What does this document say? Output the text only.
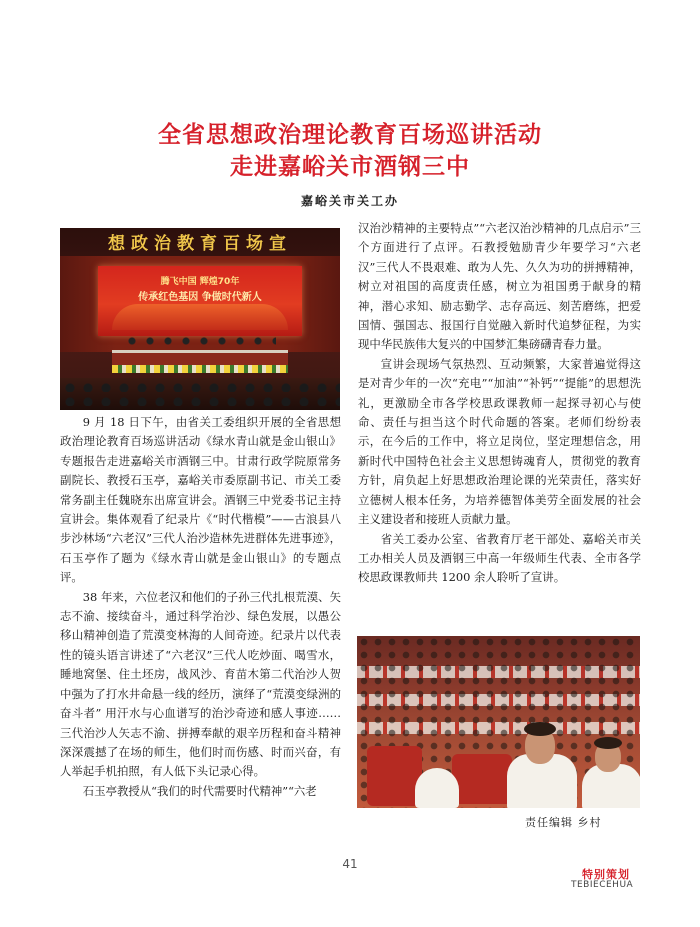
全省思想政治理论教育百场巡讲活动
走进嘉峪关市酒钢三中
嘉峪关市关工办
想政治教育百场宣
腾飞中国 辉煌70年
传承红色基因 争做时代新人

9 月 18 日下午，由省关工委组织开展的全省思想政治理论教育百场巡讲活动《绿水青山就是金山银山》专题报告走进嘉峪关市酒钢三中。甘肃行政学院原常务副院长、教授石玉亭，嘉峪关市委原副书记、市关工委常务副主任魏晓东出席宣讲会。酒钢三中党委书记主持宣讲会。集体观看了纪录片《“时代楷模”——古浪县八步沙林场“六老汉”三代人治沙造林先进群体先进事迹》，石玉亭作了题为《绿水青山就是金山银山》的专题点评。

38 年来，六位老汉和他们的子孙三代扎根荒漠、矢志不渝、接续奋斗，通过科学治沙、绿色发展，以愚公移山精神创造了荒漠变林海的人间奇迹。纪录片以代表性的镜头语言讲述了“六老汉”三代人吃炒面、喝雪水，睡地窝堡、住土坯房，战风沙、育苗木第二代治沙人贺中强为了打水井命悬一线的经历，演绎了“荒漠变绿洲的奋斗者” 用汗水与心血谱写的治沙奇迹和感人事迹……三代治沙人矢志不渝、拼搏奉献的艰辛历程和奋斗精神深深震撼了在场的师生，他们时而伤感、时而兴奋，有人举起手机拍照，有人低下头记录心得。

石玉亭教授从“我们的时代需要时代精神”“六老

汉治沙精神的主要特点”“六老汉治沙精神的几点启示”三个方面进行了点评。石教授勉励青少年要学习“六老汉”三代人不畏艰难、敢为人先、久久为功的拼搏精神，树立对祖国的高度责任感，树立为祖国勇于献身的精神，潜心求知、励志勤学、志存高远、刻苦磨练，把爱国情、强国志、报国行自觉融入新时代追梦征程，为实现中华民族伟大复兴的中国梦汇集磅礴青春力量。

宣讲会现场气氛热烈、互动频繁，大家普遍觉得这是对青少年的一次“充电”“加油”“补钙”“提能”的思想洗礼，更激励全市各学校思政课教师一起探寻初心与使命、责任与担当这个时代命题的答案。老师们纷纷表示，在今后的工作中，将立足岗位，坚定理想信念，用新时代中国特色社会主义思想铸魂育人，贯彻党的教育方针，肩负起上好思想政治理论课的光荣责任，落实好立德树人根本任务，为培养德智体美劳全面发展的社会主义建设者和接班人贡献力量。

省关工委办公室、省教育厅老干部处、嘉峪关市关工办相关人员及酒钢三中高一年级师生代表、全市各学校思政课教师共 1200 余人聆听了宣讲。

责任编辑 乡村
41
特别策划
TEBIECEHUA
